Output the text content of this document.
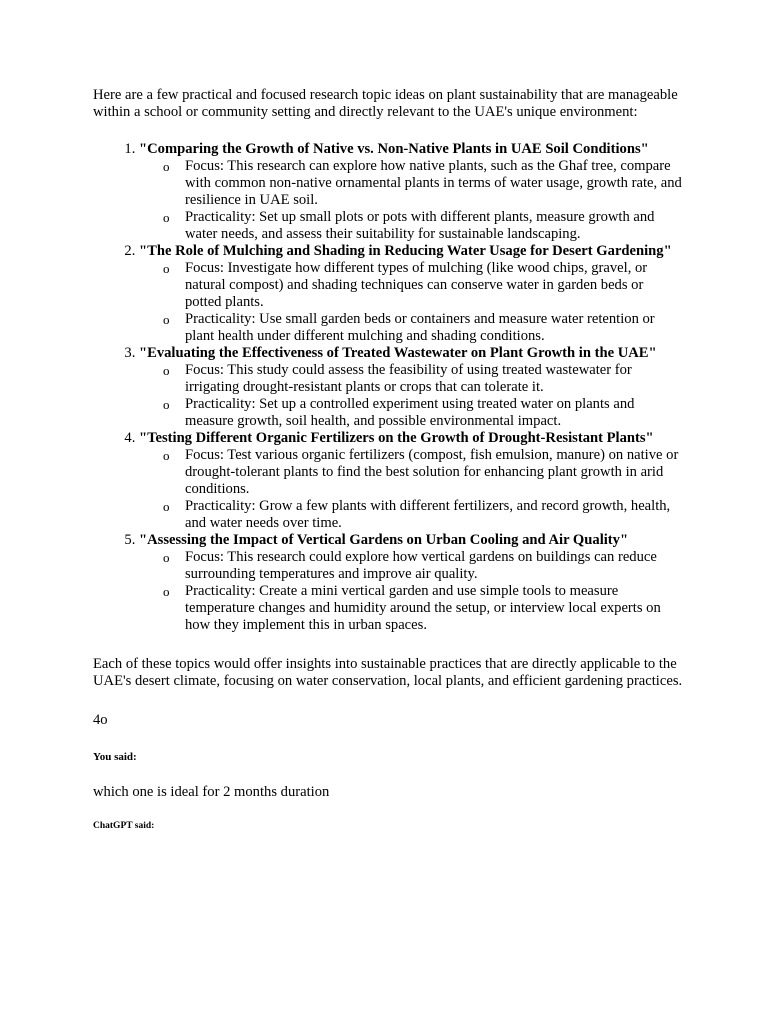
Here are a few practical and focused research topic ideas on plant sustainability that are manageable within a school or community setting and directly relevant to the UAE's unique environment:

1. "Comparing the Growth of Native vs. Non-Native Plants in UAE Soil Conditions"
o Focus: This research can explore how native plants, such as the Ghaf tree, compare with common non-native ornamental plants in terms of water usage, growth rate, and resilience in UAE soil.
o Practicality: Set up small plots or pots with different plants, measure growth and water needs, and assess their suitability for sustainable landscaping.
2. "The Role of Mulching and Shading in Reducing Water Usage for Desert Gardening"
o Focus: Investigate how different types of mulching (like wood chips, gravel, or natural compost) and shading techniques can conserve water in garden beds or potted plants.
o Practicality: Use small garden beds or containers and measure water retention or plant health under different mulching and shading conditions.
3. "Evaluating the Effectiveness of Treated Wastewater on Plant Growth in the UAE"
o Focus: This study could assess the feasibility of using treated wastewater for irrigating drought-resistant plants or crops that can tolerate it.
o Practicality: Set up a controlled experiment using treated water on plants and measure growth, soil health, and possible environmental impact.
4. "Testing Different Organic Fertilizers on the Growth of Drought-Resistant Plants"
o Focus: Test various organic fertilizers (compost, fish emulsion, manure) on native or drought-tolerant plants to find the best solution for enhancing plant growth in arid conditions.
o Practicality: Grow a few plants with different fertilizers, and record growth, health, and water needs over time.
5. "Assessing the Impact of Vertical Gardens on Urban Cooling and Air Quality"
o Focus: This research could explore how vertical gardens on buildings can reduce surrounding temperatures and improve air quality.
o Practicality: Create a mini vertical garden and use simple tools to measure temperature changes and humidity around the setup, or interview local experts on how they implement this in urban spaces.

Each of these topics would offer insights into sustainable practices that are directly applicable to the UAE's desert climate, focusing on water conservation, local plants, and efficient gardening practices.

4o

You said:

which one is ideal for 2 months duration

ChatGPT said:
